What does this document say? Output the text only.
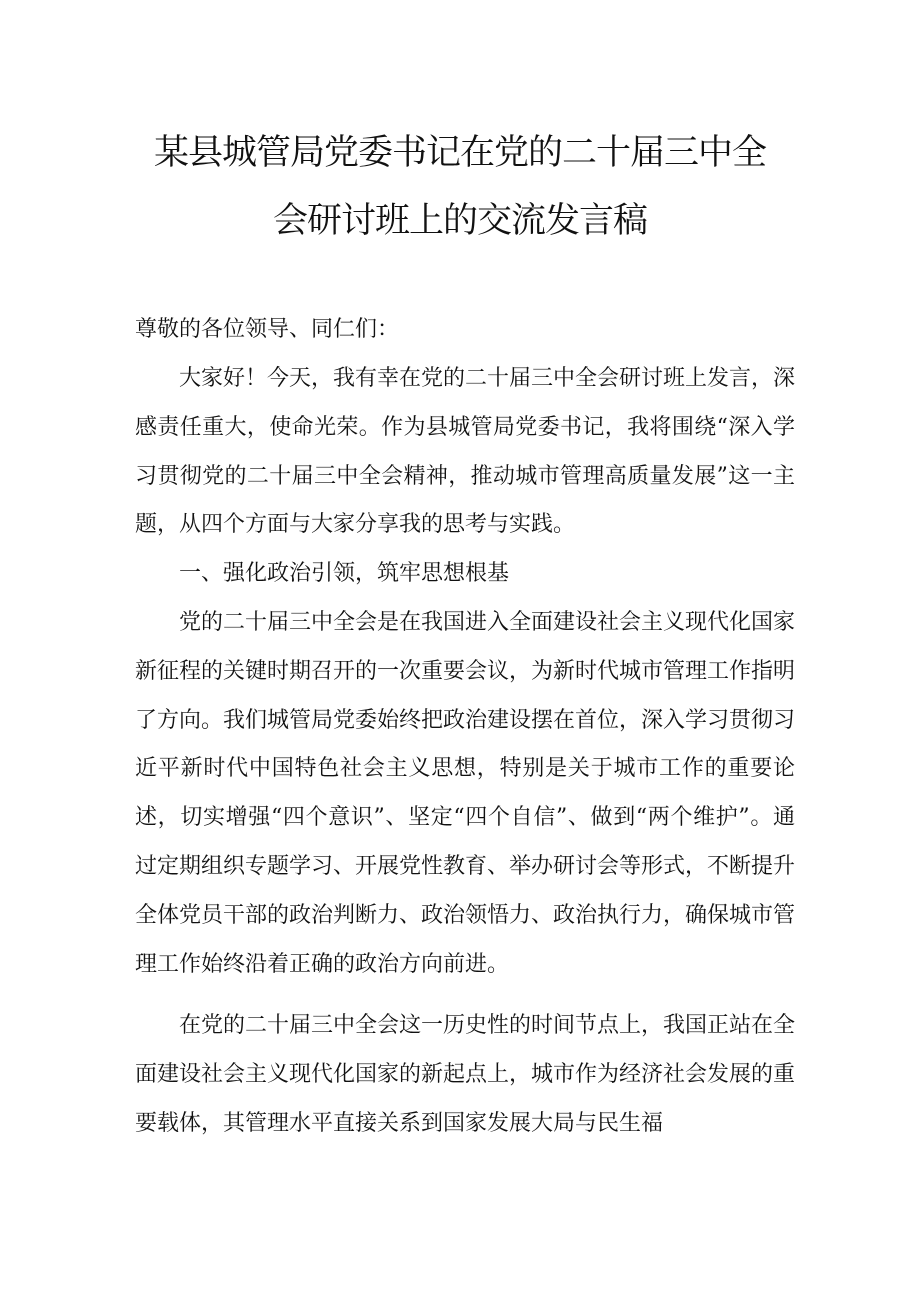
某县城管局党委书记在党的二十届三中全
会研讨班上的交流发言稿
尊敬的各位领导、同仁们：

大家好！今天，我有幸在党的二十届三中全会研讨班上发言，深感责任重大，使命光荣。作为县城管局党委书记，我将围绕“深入学习贯彻党的二十届三中全会精神，推动城市管理高质量发展”这一主题，从四个方面与大家分享我的思考与实践。

一、强化政治引领，筑牢思想根基

党的二十届三中全会是在我国进入全面建设社会主义现代化国家新征程的关键时期召开的一次重要会议，为新时代城市管理工作指明了方向。我们城管局党委始终把政治建设摆在首位，深入学习贯彻习近平新时代中国特色社会主义思想，特别是关于城市工作的重要论述，切实增强“四个意识”、坚定“四个自信”、做到“两个维护”。通过定期组织专题学习、开展党性教育、举办研讨会等形式，不断提升全体党员干部的政治判断力、政治领悟力、政治执行力，确保城市管理工作始终沿着正确的政治方向前进。

在党的二十届三中全会这一历史性的时间节点上，我国正站在全面建设社会主义现代化国家的新起点上，城市作为经济社会发展的重要载体，其管理水平直接关系到国家发展大局与民生福
